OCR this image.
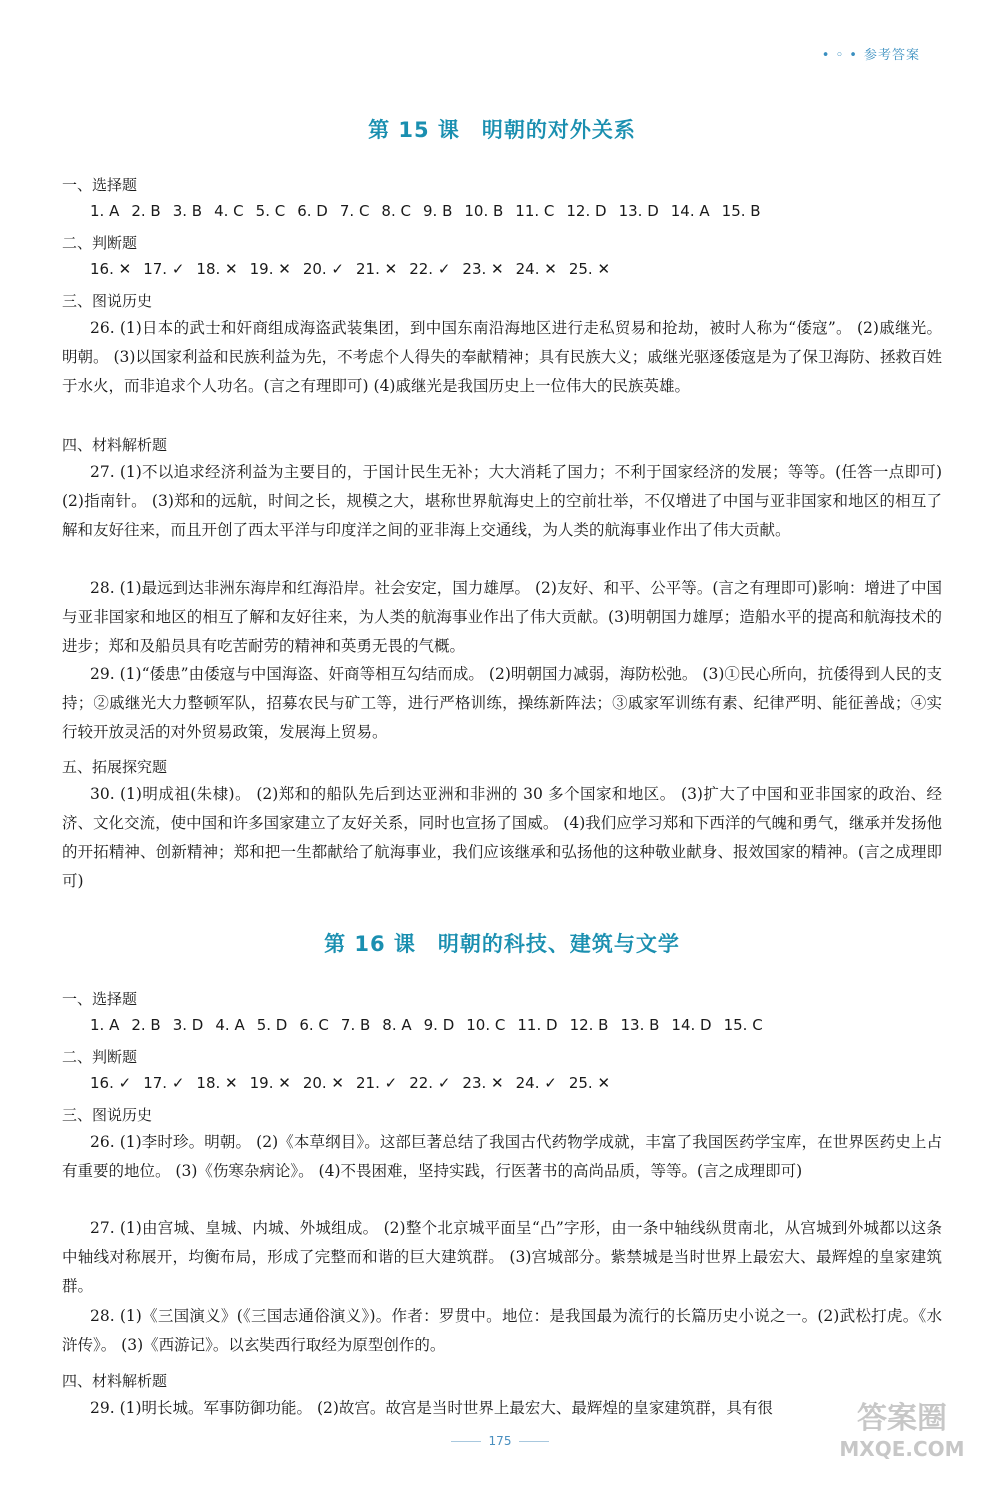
• ◦ • 参考答案
第 15 课 明朝的对外关系
一、选择题
1. A 2. B 3. B 4. C 5. C 6. D 7. C 8. C 9. B 10. B 11. C 12. D 13. D 14. A 15. B
二、判断题
16. ✕ 17. ✓ 18. ✕ 19. ✕ 20. ✓ 21. ✕ 22. ✓ 23. ✕ 24. ✕ 25. ✕
三、图说历史

26. (1)日本的武士和奸商组成海盗武装集团，到中国东南沿海地区进行走私贸易和抢劫，被时人称为“倭寇”。 (2)戚继光。明朝。 (3)以国家利益和民族利益为先，不考虑个人得失的奉献精神；具有民族大义；戚继光驱逐倭寇是为了保卫海防、拯救百姓于水火，而非追求个人功名。(言之有理即可) (4)戚继光是我国历史上一位伟大的民族英雄。

四、材料解析题

27. (1)不以追求经济利益为主要目的，于国计民生无补；大大消耗了国力；不利于国家经济的发展；等等。(任答一点即可) (2)指南针。 (3)郑和的远航，时间之长，规模之大，堪称世界航海史上的空前壮举，不仅增进了中国与亚非国家和地区的相互了解和友好往来，而且开创了西太平洋与印度洋之间的亚非海上交通线，为人类的航海事业作出了伟大贡献。

28. (1)最远到达非洲东海岸和红海沿岸。社会安定，国力雄厚。 (2)友好、和平、公平等。(言之有理即可)影响：增进了中国与亚非国家和地区的相互了解和友好往来，为人类的航海事业作出了伟大贡献。(3)明朝国力雄厚；造船水平的提高和航海技术的进步；郑和及船员具有吃苦耐劳的精神和英勇无畏的气概。

29. (1)“倭患”由倭寇与中国海盗、奸商等相互勾结而成。 (2)明朝国力减弱，海防松弛。 (3)①民心所向，抗倭得到人民的支持；②戚继光大力整顿军队，招募农民与矿工等，进行严格训练，操练新阵法；③戚家军训练有素、纪律严明、能征善战；④实行较开放灵活的对外贸易政策，发展海上贸易。

五、拓展探究题

30. (1)明成祖(朱棣)。 (2)郑和的船队先后到达亚洲和非洲的 30 多个国家和地区。 (3)扩大了中国和亚非国家的政治、经济、文化交流，使中国和许多国家建立了友好关系，同时也宣扬了国威。 (4)我们应学习郑和下西洋的气魄和勇气，继承并发扬他的开拓精神、创新精神；郑和把一生都献给了航海事业，我们应该继承和弘扬他的这种敬业献身、报效国家的精神。(言之成理即可)

第 16 课 明朝的科技、建筑与文学
一、选择题
1. A 2. B 3. D 4. A 5. D 6. C 7. B 8. A 9. D 10. C 11. D 12. B 13. B 14. D 15. C
二、判断题
16. ✓ 17. ✓ 18. ✕ 19. ✕ 20. ✕ 21. ✓ 22. ✓ 23. ✕ 24. ✓ 25. ✕
三、图说历史

26. (1)李时珍。明朝。 (2)《本草纲目》。这部巨著总结了我国古代药物学成就，丰富了我国医药学宝库，在世界医药史上占有重要的地位。 (3)《伤寒杂病论》。 (4)不畏困难，坚持实践，行医著书的高尚品质，等等。(言之成理即可)

27. (1)由宫城、皇城、内城、外城组成。 (2)整个北京城平面呈“凸”字形，由一条中轴线纵贯南北，从宫城到外城都以这条中轴线对称展开，均衡布局，形成了完整而和谐的巨大建筑群。 (3)宫城部分。紫禁城是当时世界上最宏大、最辉煌的皇家建筑群。

28. (1)《三国演义》(《三国志通俗演义》)。作者：罗贯中。地位：是我国最为流行的长篇历史小说之一。(2)武松打虎。《水浒传》。 (3)《西游记》。以玄奘西行取经为原型创作的。

四、材料解析题

29. (1)明长城。军事防御功能。 (2)故宫。故宫是当时世界上最宏大、最辉煌的皇家建筑群，具有很

175
答案圈
MXQE.COM
